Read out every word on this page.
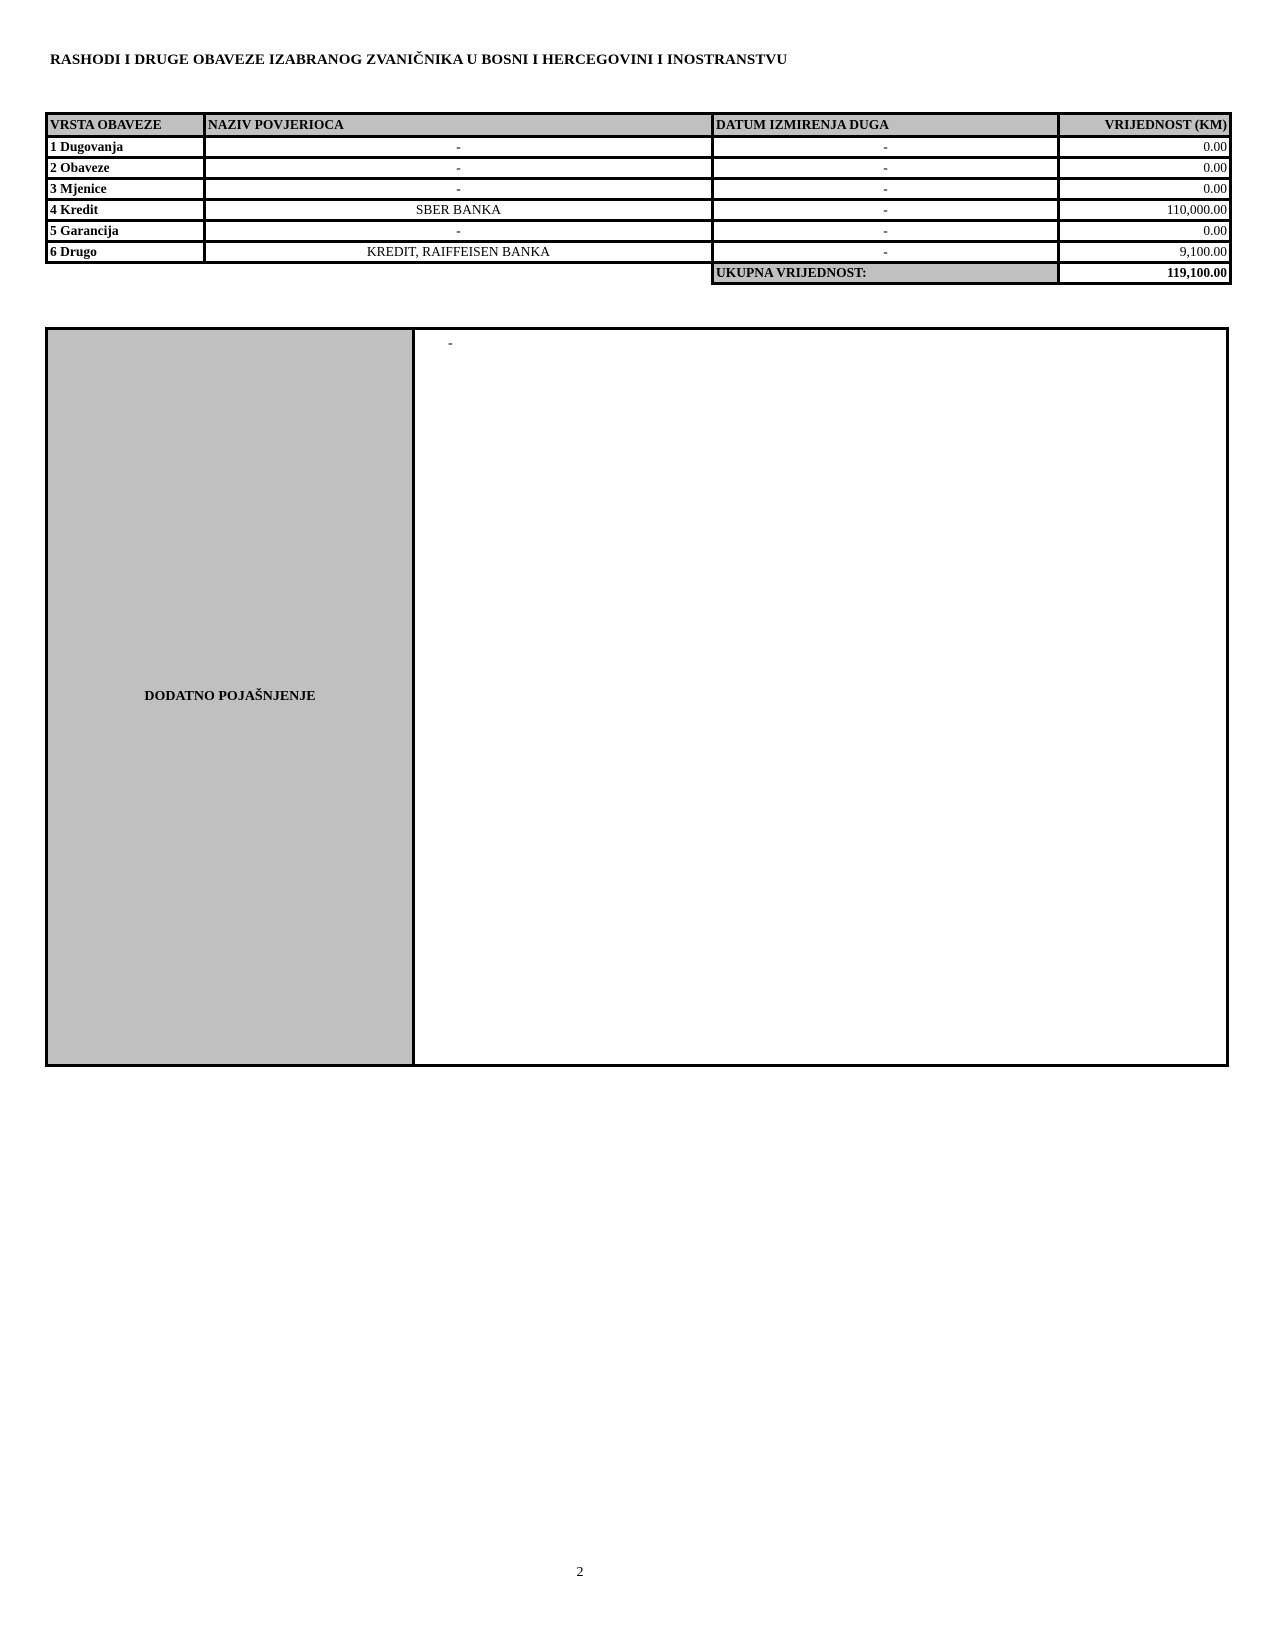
RASHODI I DRUGE OBAVEZE IZABRANOG ZVANIČNIKA U BOSNI I HERCEGOVINI I INOSTRANSTVU
VRSTA OBAVEZE	NAZIV POVJERIOCA	DATUM IZMIRENJA DUGA	VRIJEDNOST (KM)
1 Dugovanja	-	-	0.00
2 Obaveze	-	-	0.00
3 Mjenice	-	-	0.00
4 Kredit	SBER BANKA	-	110,000.00
5 Garancija	-	-	0.00
6 Drugo	KREDIT, RAIFFEISEN BANKA	-	9,100.00
		UKUPNA VRIJEDNOST:	119,100.00
DODATNO POJAŠNJENJE
-
2
